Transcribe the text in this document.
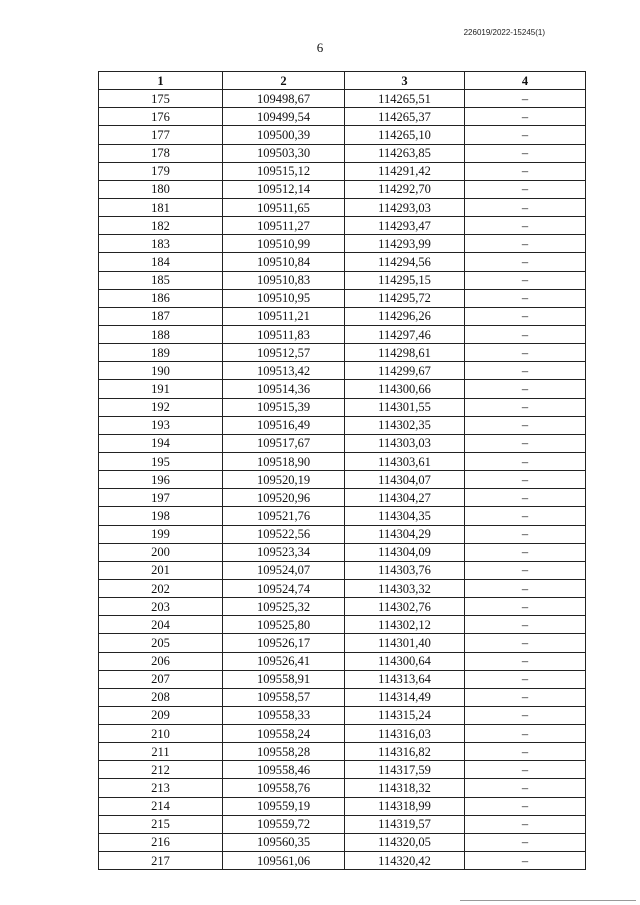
226019/2022-15245(1)
6
1	2	3	4
175	109498,67	114265,51	–
176	109499,54	114265,37	–
177	109500,39	114265,10	–
178	109503,30	114263,85	–
179	109515,12	114291,42	–
180	109512,14	114292,70	–
181	109511,65	114293,03	–
182	109511,27	114293,47	–
183	109510,99	114293,99	–
184	109510,84	114294,56	–
185	109510,83	114295,15	–
186	109510,95	114295,72	–
187	109511,21	114296,26	–
188	109511,83	114297,46	–
189	109512,57	114298,61	–
190	109513,42	114299,67	–
191	109514,36	114300,66	–
192	109515,39	114301,55	–
193	109516,49	114302,35	–
194	109517,67	114303,03	–
195	109518,90	114303,61	–
196	109520,19	114304,07	–
197	109520,96	114304,27	–
198	109521,76	114304,35	–
199	109522,56	114304,29	–
200	109523,34	114304,09	–
201	109524,07	114303,76	–
202	109524,74	114303,32	–
203	109525,32	114302,76	–
204	109525,80	114302,12	–
205	109526,17	114301,40	–
206	109526,41	114300,64	–
207	109558,91	114313,64	–
208	109558,57	114314,49	–
209	109558,33	114315,24	–
210	109558,24	114316,03	–
211	109558,28	114316,82	–
212	109558,46	114317,59	–
213	109558,76	114318,32	–
214	109559,19	114318,99	–
215	109559,72	114319,57	–
216	109560,35	114320,05	–
217	109561,06	114320,42	–
